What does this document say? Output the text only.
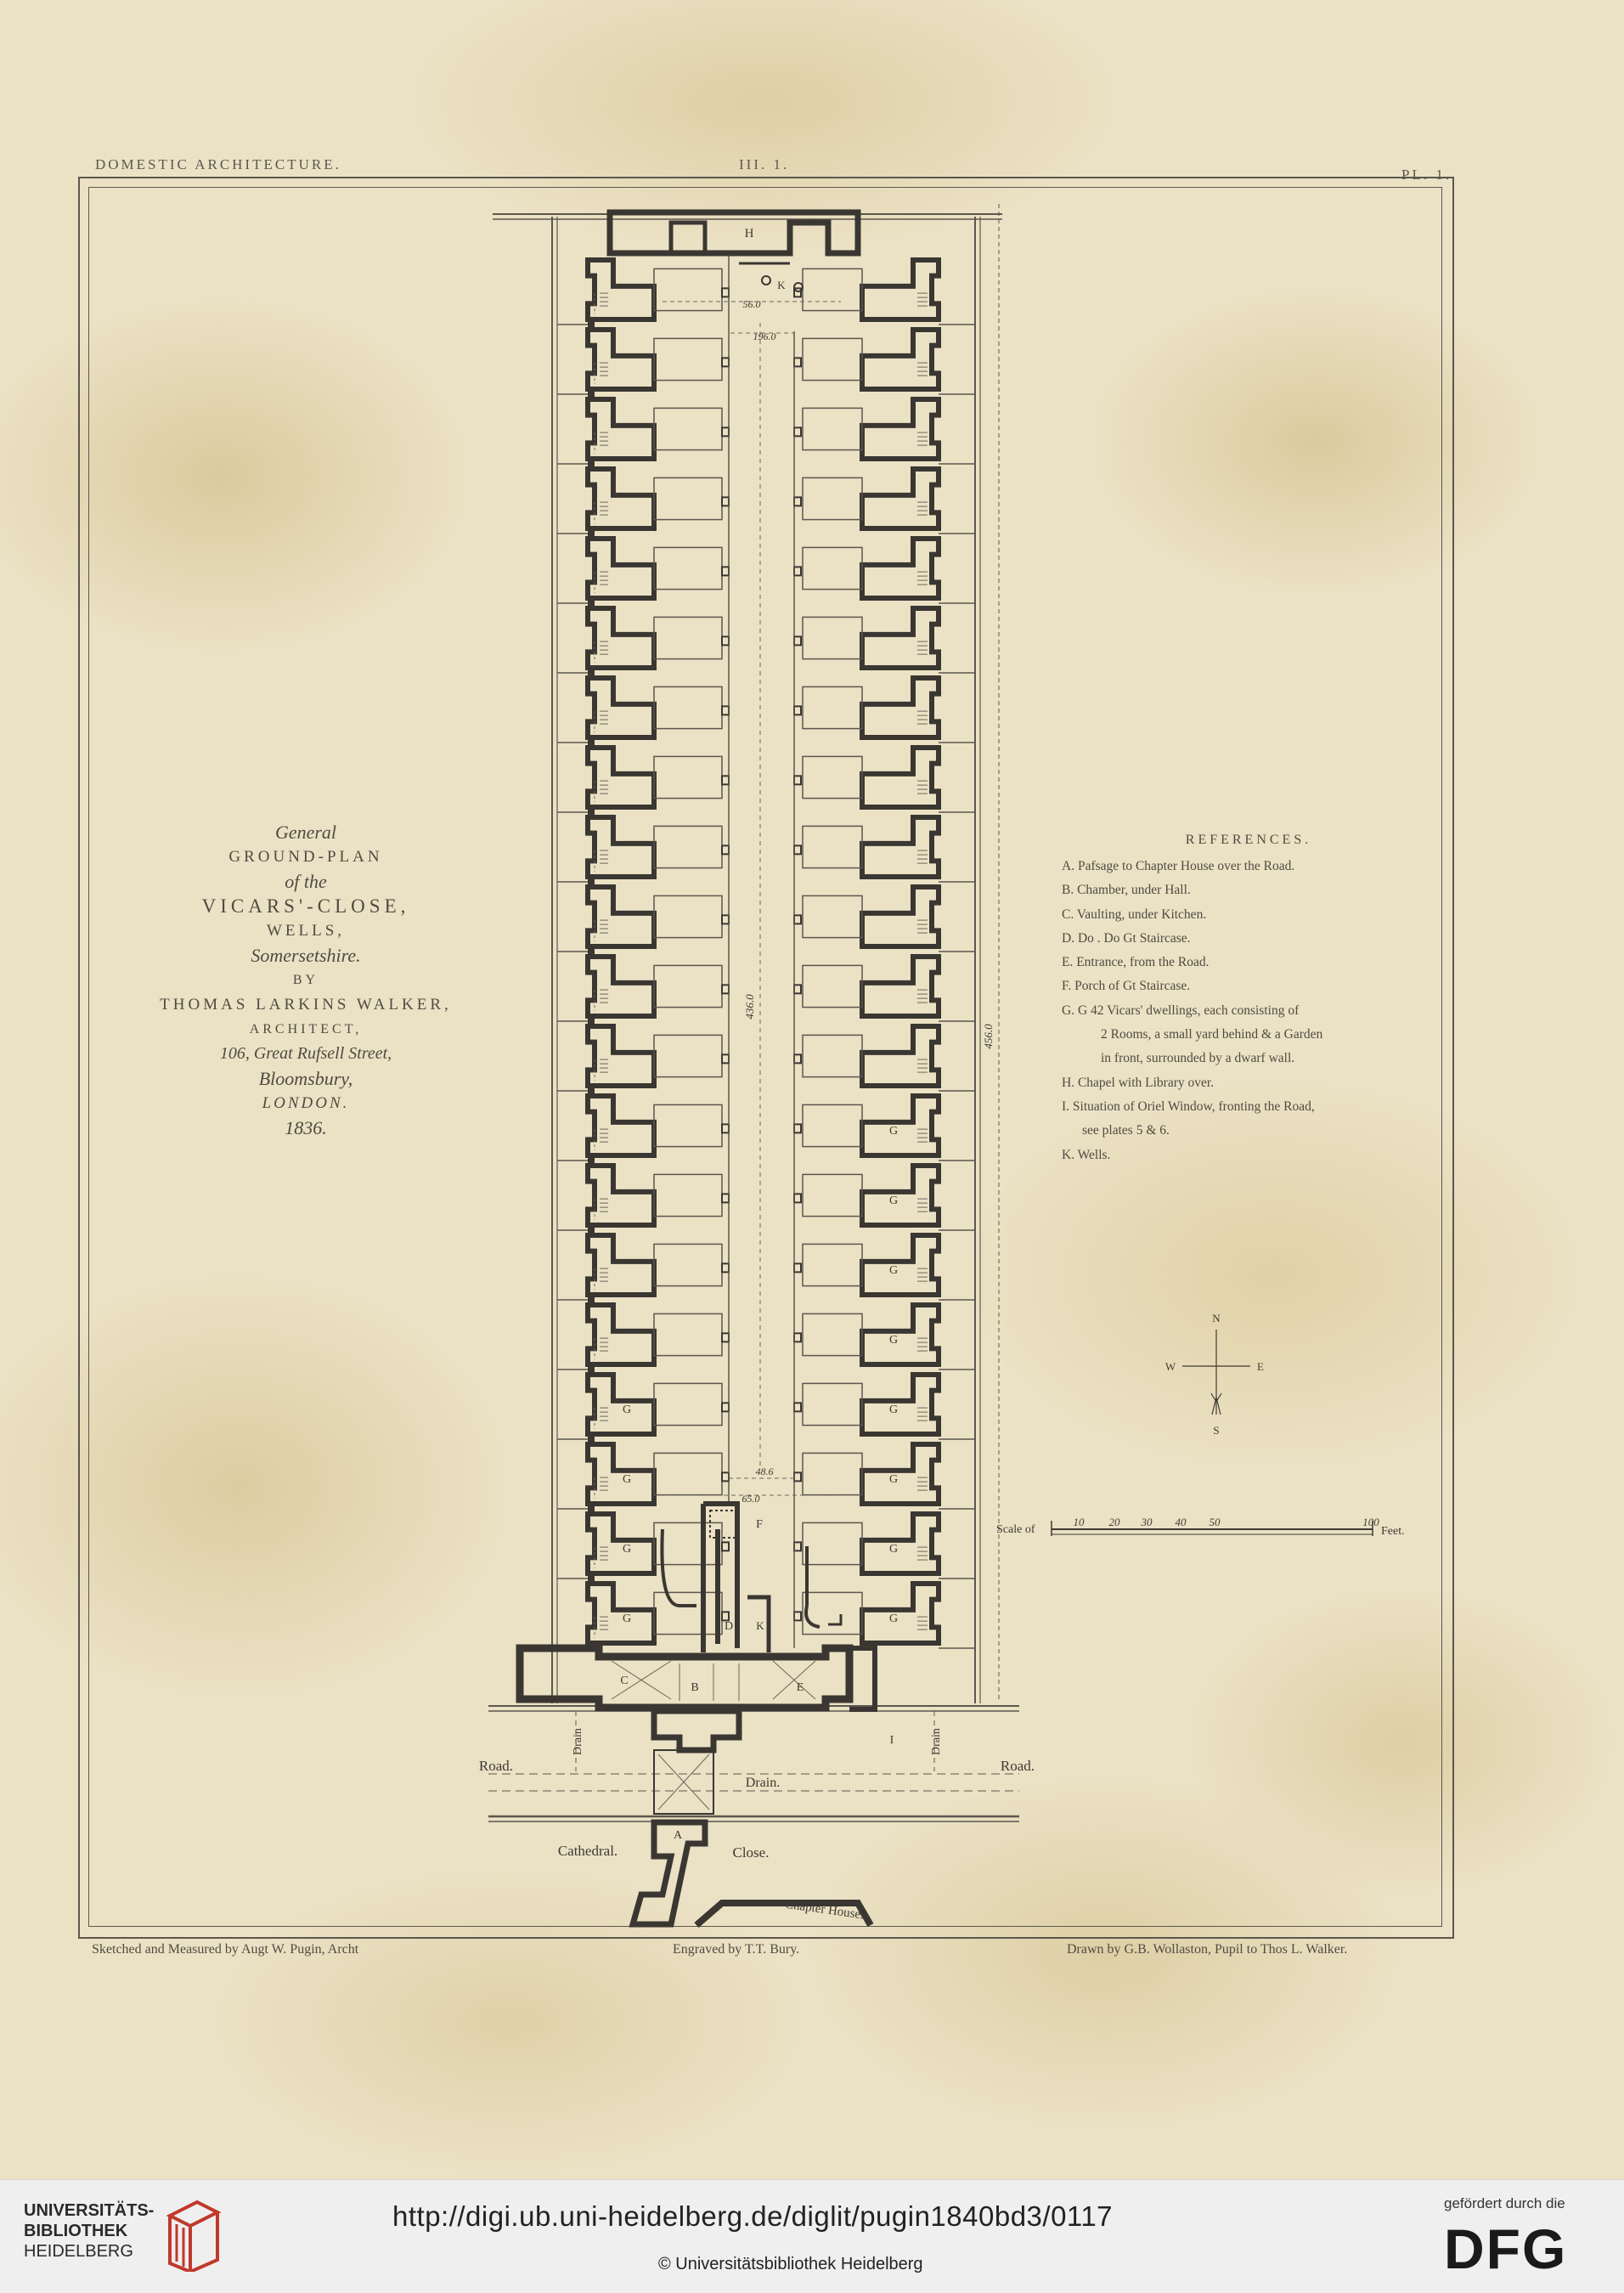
DOMESTIC ARCHITECTURE.	III. 1.
PL. 1.
G
G
G
G
G
G
G
G
G
G
G
G
H
K
56.0
196.0
436.0
456.0
48.6
65.0
F
D K
C
B	E
A
A
I
Drain	Drain
Drain.
Road.	Road.
Cathedral.	Close.
Chapter House.
N
S
E
W
Scale of
10 20 30 40 50	100
Feet.
General
GROUND-PLAN
of the
VICARS'-CLOSE,
WELLS,
Somersetshire.
BY
THOMAS LARKINS WALKER,
ARCHITECT,
106, Great Rufsell Street,
Bloomsbury,
LONDON.
1836.
REFERENCES.
A. Pafsage to Chapter House over the Road.
B. Chamber, under Hall.
C. Vaulting, under Kitchen.
D. Do . Do Gt Staircase.
E. Entrance, from the Road.
F. Porch of Gt Staircase.
G. G 42 Vicars' dwellings, each consisting of
2 Rooms, a small yard behind & a Garden
in front, surrounded by a dwarf wall.
H. Chapel with Library over.
I. Situation of Oriel Window, fronting the Road,
see plates 5 & 6.
K. Wells.
Sketched and Measured by Augt W. Pugin, Archt	Engraved by T.T. Bury.	Drawn by G.B. Wollaston, Pupil to Thos L. Walker.
UNIVERSITÄTS-
BIBLIOTHEK
HEIDELBERG
http://digi.ub.uni-heidelberg.de/diglit/pugin1840bd3/0117
© Universitätsbibliothek Heidelberg
gefördert durch die
DFG
